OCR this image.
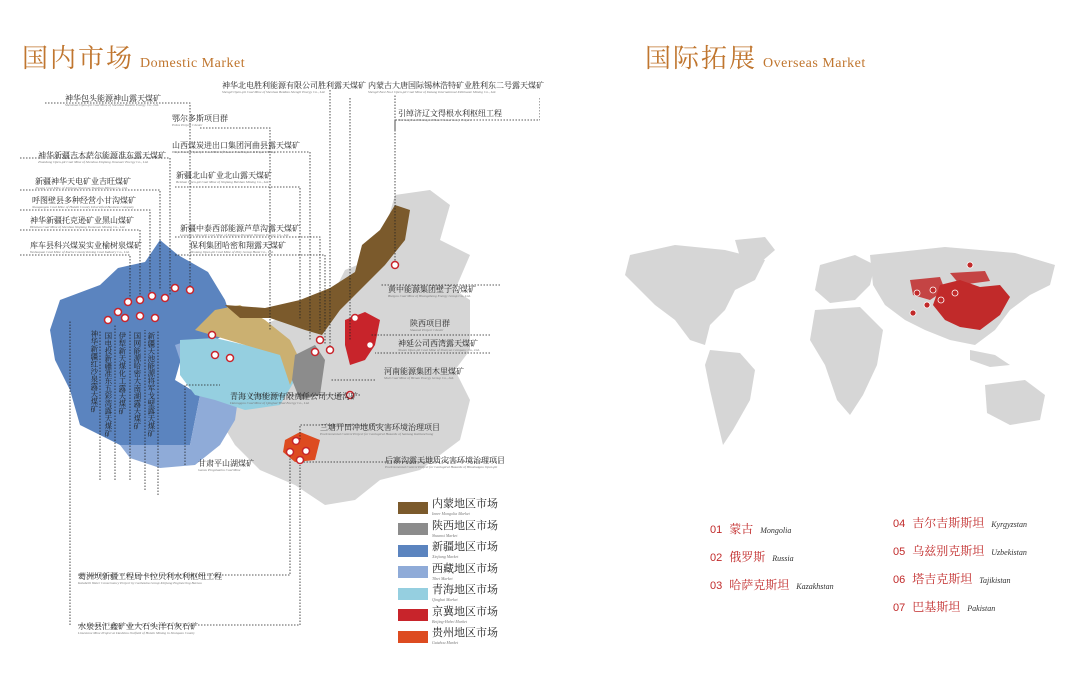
国内市场 Domestic Market
神华北电胜利能源有限公司胜利露天煤矿
Shengli Open-pit Coal Mine of Shenhua Beidian Shengli Energy Co., Ltd.
内蒙古大唐国际锡林浩特矿业胜利东二号露天煤矿
Shengli East No.2 Open-pit Coal Mine of Datang International Xilinhaote Mining Co., Ltd.
神华包头能源神山露天煤矿
Shenshan Open-pit Coal Mine of Shenhua Baotou Energy Co., Ltd.
鄂尔多斯项目群
Erdos Project Cluster
引绰济辽文得根水利枢纽工程
Yinchuojiliao Wendegen Water Conservancy Project
山西煤炭进出口集团河曲县露天煤矿
Hequ County Open-pit Coal Mine of Shanxi Coal Import & Export Group
神华新疆吉木萨尔能源准东露天煤矿
Zhundong Open-pit Coal Mine of Shenhua Xinjiang Jimusaer Energy Co., Ltd.
新疆北山矿业北山露天煤矿
Beishan Open-pit Coal Mine of Xinjiang Beishan Mining Co., Ltd.
新疆神华天电矿业吉旺煤矿
Jiwang Coal Mine of Xinjiang Shenhua Tiandian Mining Co., Ltd.
呼图壁县多种经营小甘沟煤矿
Xiaogangou Coal Mine of Hutubi County Diversified Business Company
新疆中泰西部能源芦草沟露天煤矿
Lucaogou Open-pit Coal Mine of Xinjiang Zhongtai Western Energy Co., Ltd.
神华新疆托克逊矿业黑山煤矿
Heishan Coal Mine of Shenhua Xinjiang Tuokexun Mining Co., Ltd.
保利集团哈密和翔露天煤矿
Hexiang Open-pit Coal Mine of Poly Group Hami Co., Ltd.
库车县科兴煤炭实业榆树泉煤矿
Yushuquan Coal Mine of Kuche County Kexing Coal Industry Co., Ltd.
黄中能源集团壁子沟煤矿
Bizigou Coal Mine of Huangzhong Energy Group Co., Ltd.
陕西项目群
Shaanxi Project Cluster
神延公司西湾露天煤矿
Xiwan Open-pit Coal Mine of Shenyan Company Co., Ltd.
河南能源集团木里煤矿
Muli Coal Mine of Henan Energy Group Co., Ltd.
青海义海能源有限责任公司大通沟矿
Datonggou Coal Mine of Qinghai Yihai Energy Co., Ltd.
三塘开田冲地质灾害环境治理项目
Environmental Control Project for Geological Hazards of Santang Kaitianchong
甘肃平山湖煤矿
Gansu Pingshanhu Coal Mine
后寨沟露天地质灾害环境治理项目
Environmental Control Project for Geological Hazards of Houzhaigou Open-pit
葛洲坝新疆工程局卡拉贝利水利枢纽工程
Kalabeili Water Conservancy Project by Gezhouba Group Xinjiang Engineering Bureau
水泉县汇鑫矿业大石头洋石灰石矿
Limestone Mine Project at Dashitou Outfield of Huixin Mining in Shuiquan County
神华新疆红沙泉露天煤矿 国电投新疆准东五彩湾露天煤矿 伊犁新天煤化工露天煤矿 国网能源哈密大南湖露天煤矿 新疆天池能源将军戈壁露天煤矿
内蒙地区市场
Inner Mongolia Market
陕西地区市场
Shaanxi Market
新疆地区市场
Xinjiang Market
西藏地区市场
Tibet Market
青海地区市场
Qinghai Market
京冀地区市场
Beijing-Hebei Market
贵州地区市场
Guizhou Market
国际拓展 Overseas Market
01 蒙古 Mongolia
02 俄罗斯 Russia
03 哈萨克斯坦 Kazakhstan
04 吉尔吉斯斯坦 Kyrgyzstan
05 乌兹别克斯坦 Uzbekistan
06 塔吉克斯坦 Tajikistan
07 巴基斯坦 Pakistan
